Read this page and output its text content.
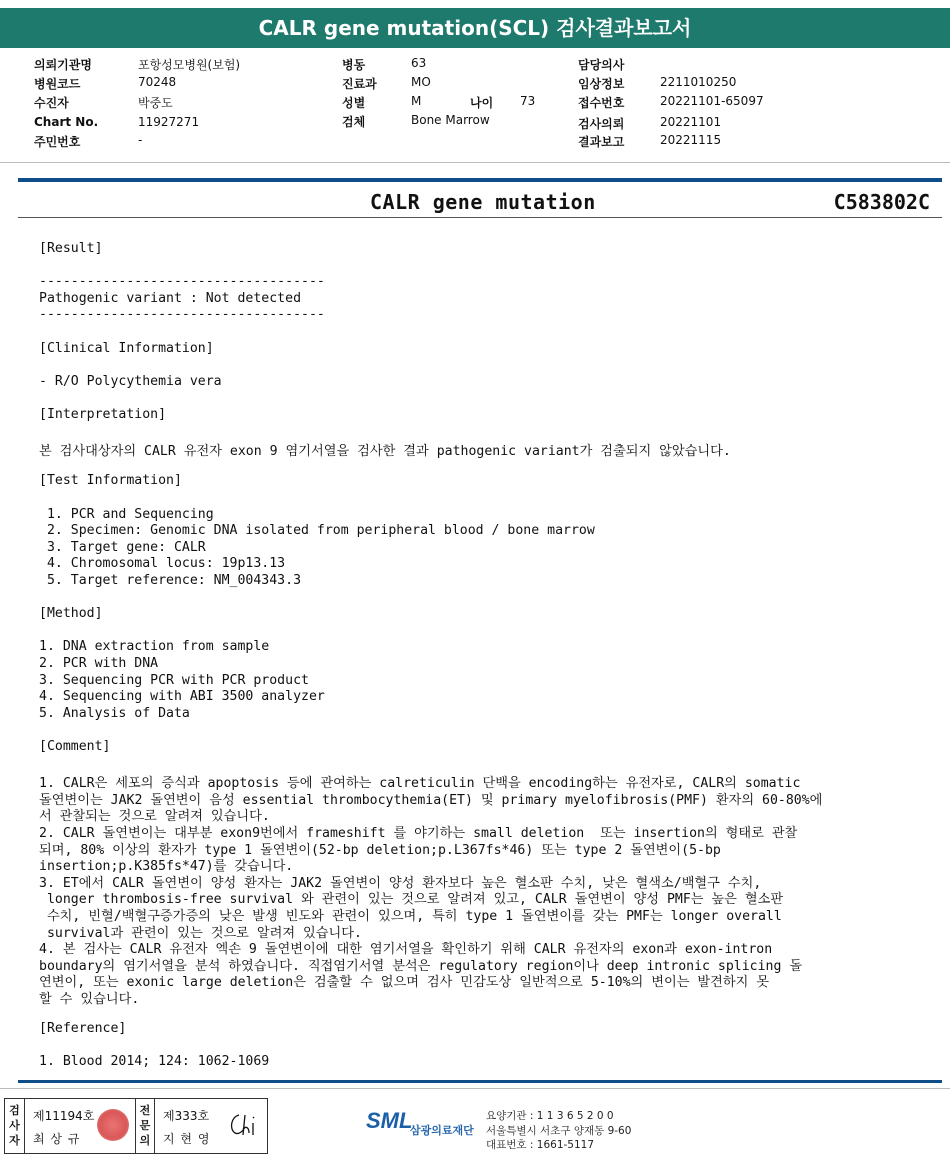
CALR gene mutation(SCL) 검사결과보고서
의뢰기관명	포항성모병원(보험)
병원코드	70248
수진자	박중도
Chart No.	11927271
주민번호	-
병동	63
진료과	MO
성별	M	나이 73
검체	Bone Marrow
담당의사
임상정보	2211010250
접수번호	20221101-65097
검사의뢰	20221101
결과보고	20221115
CALR gene mutation	C583802C
[Result]
------------------------------------
Pathogenic variant : Not detected
------------------------------------
[Clinical Information]
- R/O Polycythemia vera
[Interpretation]
본 검사대상자의 CALR 유전자 exon 9 염기서열을 검사한 결과 pathogenic variant가 검출되지 않았습니다.
[Test Information]
1. PCR and Sequencing
2. Specimen: Genomic DNA isolated from peripheral blood / bone marrow
3. Target gene: CALR
4. Chromosomal locus: 19p13.13
5. Target reference: NM_004343.3
[Method]
1. DNA extraction from sample
2. PCR with DNA
3. Sequencing PCR with PCR product
4. Sequencing with ABI 3500 analyzer
5. Analysis of Data
[Comment]
1. CALR은 세포의 증식과 apoptosis 등에 관여하는 calreticulin 단백을 encoding하는 유전자로, CALR의 somatic
돌연변이는 JAK2 돌연변이 음성 essential thrombocythemia(ET) 및 primary myelofibrosis(PMF) 환자의 60-80%에
서 관찰되는 것으로 알려져 있습니다.
2. CALR 돌연변이는 대부분 exon9번에서 frameshift 를 야기하는 small deletion  또는 insertion의 형태로 관찰
되며, 80% 이상의 환자가 type 1 돌연변이(52-bp deletion;p.L367fs*46) 또는 type 2 돌연변이(5-bp
insertion;p.K385fs*47)를 갖습니다.
3. ET에서 CALR 돌연변이 양성 환자는 JAK2 돌연변이 양성 환자보다 높은 혈소판 수치, 낮은 혈색소/백혈구 수치,
longer thrombosis-free survival 와 관련이 있는 것으로 알려져 있고, CALR 돌연변이 양성 PMF는 높은 혈소판
수치, 빈혈/백혈구증가증의 낮은 발생 빈도와 관련이 있으며, 특히 type 1 돌연변이를 갖는 PMF는 longer overall
survival과 관련이 있는 것으로 알려져 있습니다.
4. 본 검사는 CALR 유전자 엑손 9 돌연변이에 대한 염기서열을 확인하기 위해 CALR 유전자의 exon과 exon-intron
boundary의 염기서열을 분석 하였습니다. 직접염기서열 분석은 regulatory region이나 deep intronic splicing 돌
연변이, 또는 exonic large deletion은 검출할 수 없으며 검사 민감도상 일반적으로 5-10%의 변이는 발견하지 못
할 수 있습니다.
[Reference]
1. Blood 2014; 124: 1062-1069
검
사
자
제11194호
최 상 규
전
문
의
제333호
지 현 영
SML
삼광의료재단
요양기관 : 1 1 3 6 5 2 0 0
서울특별시 서초구 양재동 9-60
대표번호 : 1661-5117
